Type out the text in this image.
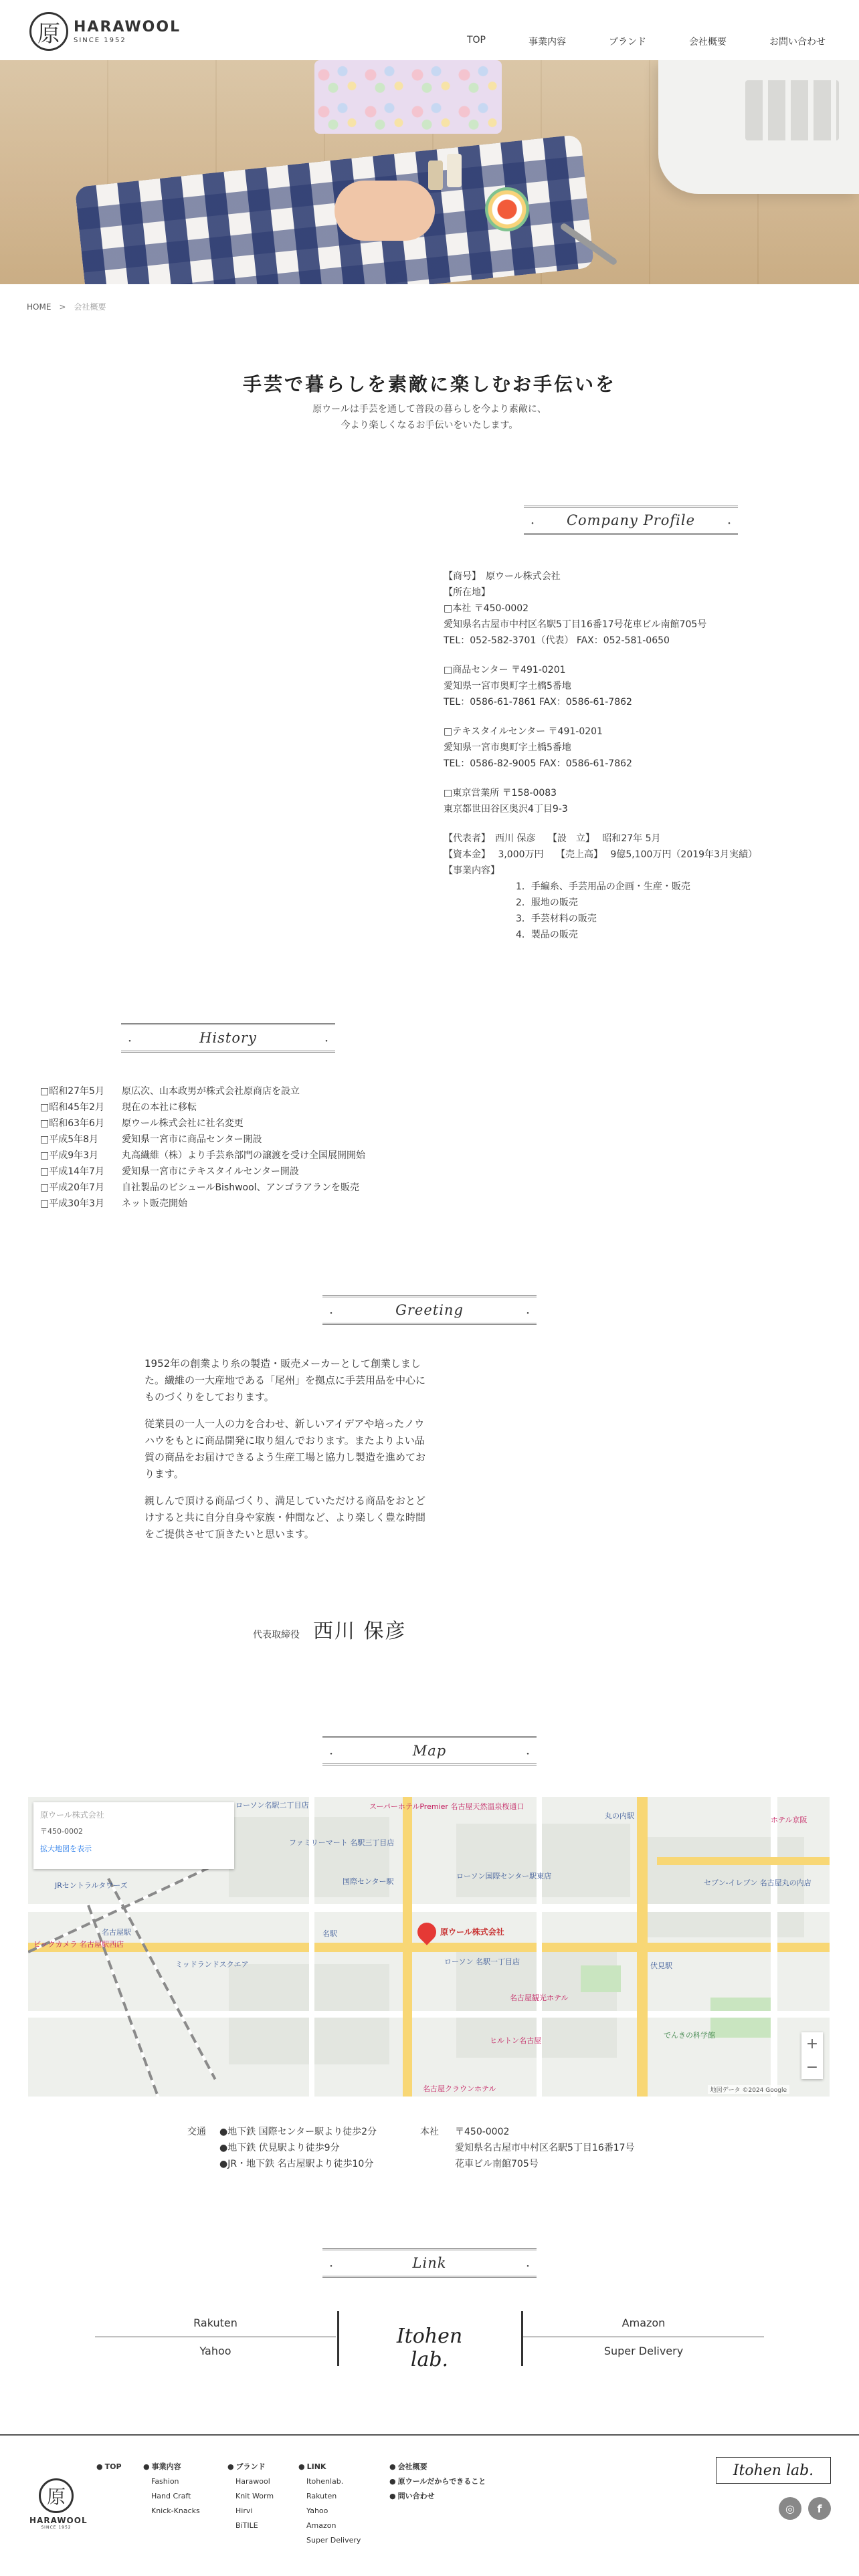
原 HARAWOOL
SINCE 1952	TOP	事業内容	ブランド	会社概要	お問い合わせ
HOME > 会社概要
手芸で暮らしを素敵に楽しむお手伝いを
原ウールは手芸を通して普段の暮らしを今より素敵に、
今より楽しくなるお手伝いをいたします。
・ Company Profile	・
【商号】　原ウール株式会社
【所在地】
□本社 〒450-0002
愛知県名古屋市中村区名駅5丁目16番17号花車ビル南館705号
TEL：052-582-3701（代表） FAX：052-581-0650
□商品センター 〒491-0201
愛知県一宮市奥町字土橋5番地
TEL：0586-61-7861 FAX：0586-61-7862
□テキスタイルセンター 〒491-0201
愛知県一宮市奥町字土橋5番地
TEL：0586-82-9005 FAX：0586-61-7862
□東京営業所 〒158-0083
東京都世田谷区奥沢4丁目9-3
【代表者】　西川 保彦　 【設　立】　 昭和27年 5月
【資本金】　 3,000万円　 【売上高】　 9億5,100万円（2019年3月実績）
【事業内容】
1．手編糸、手芸用品の企画・生産・販売
2．服地の販売
3．手芸材料の販売
4．製品の販売
・	History	・
□昭和27年5月	原広次、山本政男が株式会社原商店を設立
□昭和45年2月	現在の本社に移転
□昭和63年6月	原ウール株式会社に社名変更
□平成5年8月	愛知県一宮市に商品センター開設
□平成9年3月	丸高繊維（株）より手芸糸部門の譲渡を受け全国展開開始
□平成14年7月	愛知県一宮市にテキスタイルセンター開設
□平成20年7月	自社製品のビシュールBishwool、アンゴラアランを販売
□平成30年3月	ネット販売開始
・	Greeting	・

1952年の創業より糸の製造・販売メーカーとして創業しました。繊維の一大産地である「尾州」を拠点に手芸用品を中心にものづくりをしております。

従業員の一人一人の力を合わせ、新しいアイデアや培ったノウハウをもとに商品開発に取り組んでおります。またよりよい品質の商品をお届けできるよう生産工場と協力し製造を進めております。

親しんで頂ける商品づくり、満足していただける商品をおとどけすると共に自分自身や家族・仲間など、より楽しく豊な時間をご提供させて頂きたいと思います。

代表取締役 西川 保彦
・	Map	・
ローソン名駅二丁目店	スーパーホテルPremier 名古屋天然温泉桜通口
丸の内駅	ホテル京阪
ファミリーマート 名駅三丁目店
国際センター駅
ローソン国際センター駅東店
JRセントラルタワーズ
名古屋駅
ビックカメラ 名古屋駅西店
名駅
ローソン 名駅一丁目店
名古屋観光ホテル
伏見駅
ヒルトン名古屋
ミッドランドスクエア
名古屋クラウンホテル
でんきの科学館
セブン-イレブン 名古屋丸の内店
原ウール株式会社
原ウール株式会社
〒450-0002
拡大地図を表示
+
−
地図データ ©2024 Google
交通	●地下鉄 国際センター駅より徒歩2分
●地下鉄 伏見駅より徒歩9分
●JR・地下鉄 名古屋駅より徒歩10分
本社	〒450-0002
愛知県名古屋市中村区名駅5丁目16番17号
花車ビル南館705号
・	Link	・
Rakuten
Yahoo
Itohen lab.
Amazon
Super Delivery
原
HARAWOOL
SINCE 1952
● TOP
●	事業内容
Fashion
Hand Craft
Knick-Knacks
● ブランド
Harawool
Knit Worm
Hirvi
BiTILE
● LINK
Itohenlab.
Rakuten
Yahoo
Amazon
Super Delivery
● 会社概要
● 原ウールだからできること
● 問い合わせ
Itohen lab.
◎	f
